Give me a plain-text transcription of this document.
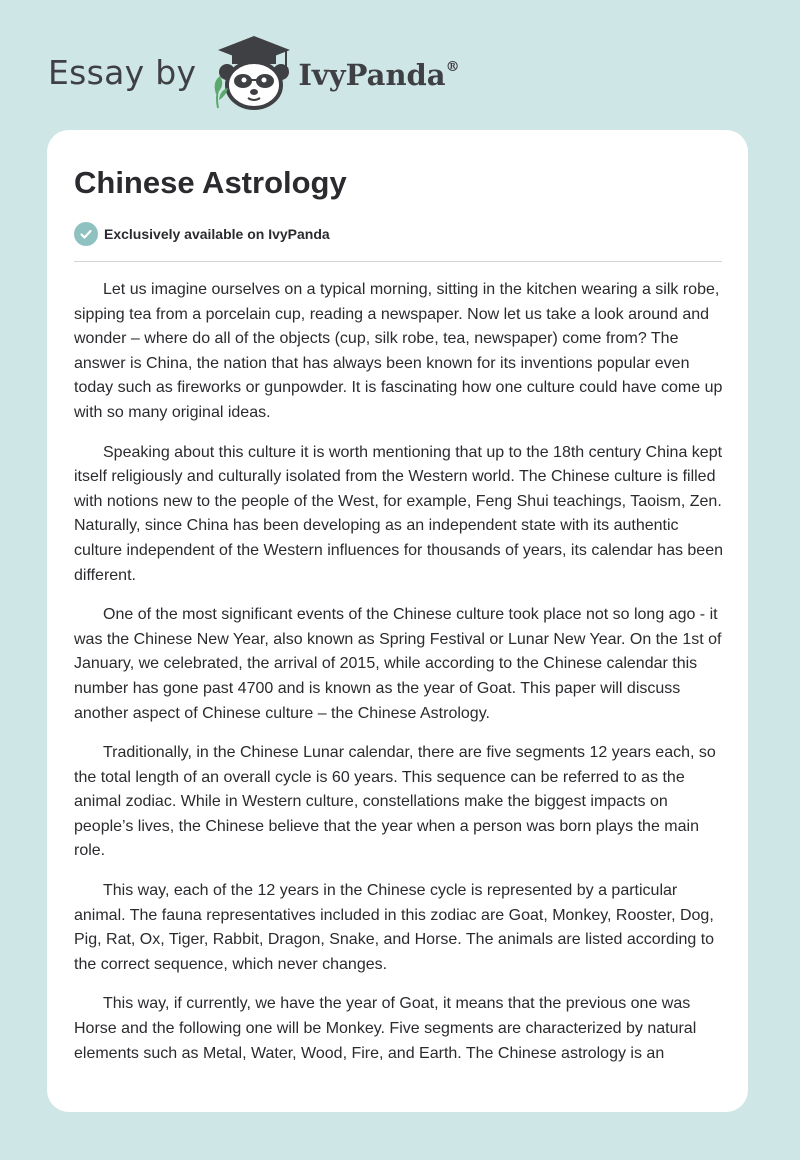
Essay by	IvyPanda®
Chinese Astrology
Exclusively available on IvyPanda

Let us imagine ourselves on a typical morning, sitting in the kitchen wearing a silk robe, sipping tea from a porcelain cup, reading a newspaper. Now let us take a look around and wonder – where do all of the objects (cup, silk robe, tea, newspaper) come from? The answer is China, the nation that has always been known for its inventions popular even today such as fireworks or gunpowder. It is fascinating how one culture could have come up with so many original ideas.

Speaking about this culture it is worth mentioning that up to the 18th century China kept itself religiously and culturally isolated from the Western world. The Chinese culture is filled with notions new to the people of the West, for example, Feng Shui teachings, Taoism, Zen. Naturally, since China has been developing as an independent state with its authentic culture independent of the Western influences for thousands of years, its calendar has been different.

One of the most significant events of the Chinese culture took place not so long ago - it was the Chinese New Year, also known as Spring Festival or Lunar New Year. On the 1st of January, we celebrated, the arrival of 2015, while according to the Chinese calendar this number has gone past 4700 and is known as the year of Goat. This paper will discuss another aspect of Chinese culture – the Chinese Astrology.

Traditionally, in the Chinese Lunar calendar, there are five segments 12 years each, so the total length of an overall cycle is 60 years. This sequence can be referred to as the animal zodiac. While in Western culture, constellations make the biggest impacts on people’s lives, the Chinese believe that the year when a person was born plays the main role.

This way, each of the 12 years in the Chinese cycle is represented by a particular animal. The fauna representatives included in this zodiac are Goat, Monkey, Rooster, Dog, Pig, Rat, Ox, Tiger, Rabbit, Dragon, Snake, and Horse. The animals are listed according to the correct sequence, which never changes.

This way, if currently, we have the year of Goat, it means that the previous one was Horse and the following one will be Monkey. Five segments are characterized by natural elements such as Metal, Water, Wood, Fire, and Earth. The Chinese astrology is an
